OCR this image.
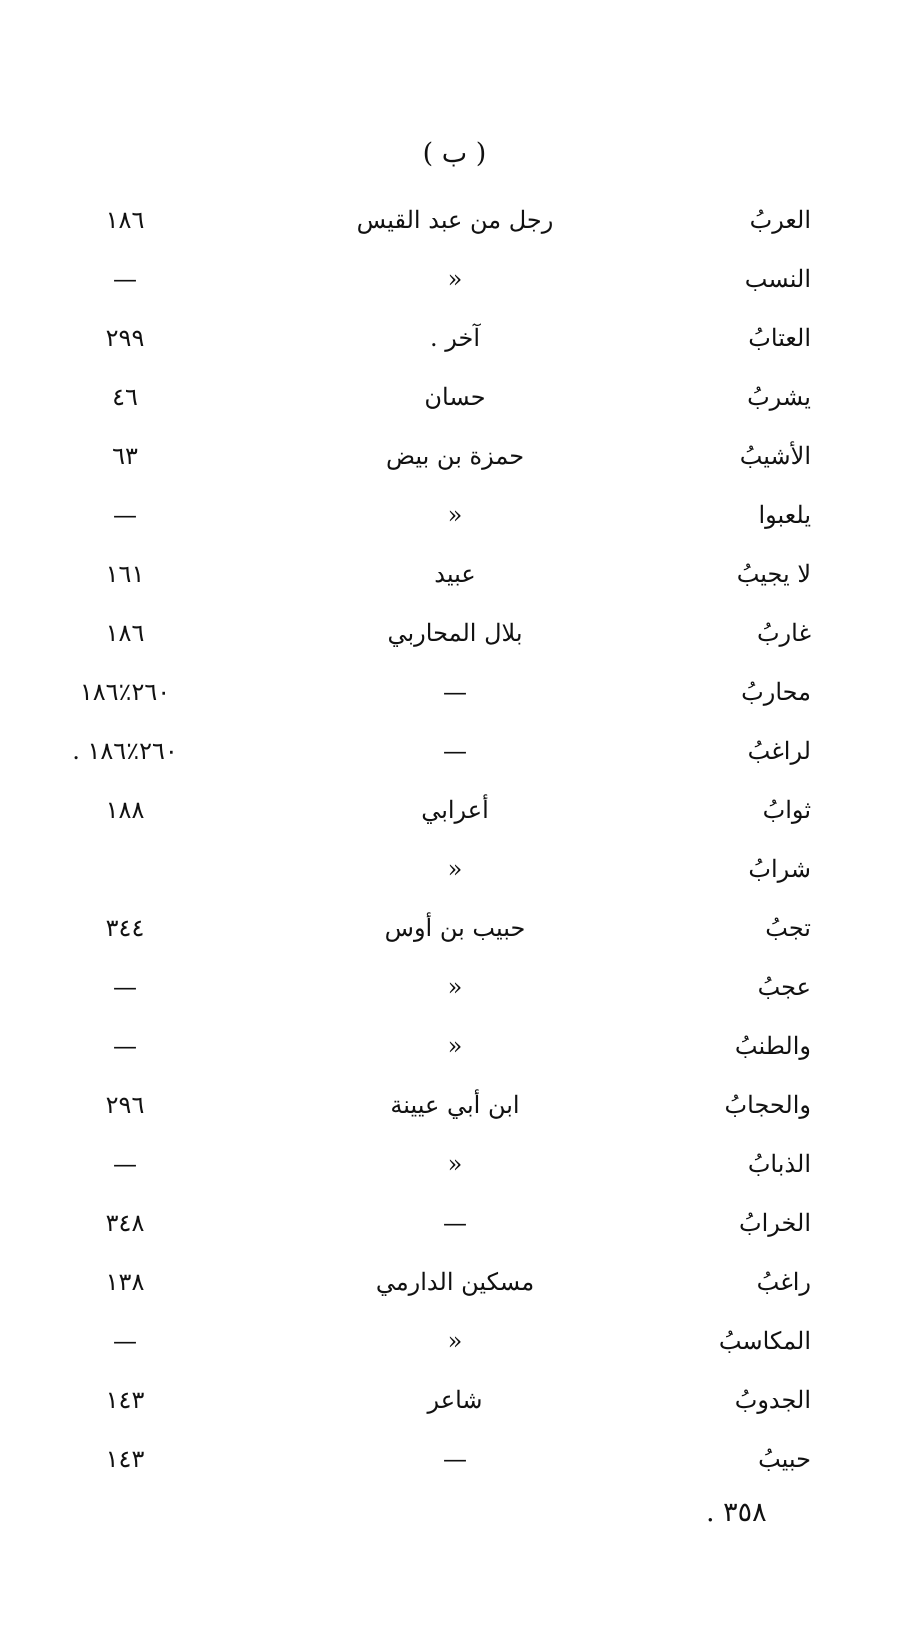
( ب )
العربُ
رجل من عبد القيس
١٨٦
النسب
«
—
العتابُ
آخر .
٢٩٩
يشربُ
حسان
٤٦
الأشيبُ
حمزة بن بيض
٦٣
يلعبوا
«
—
لا يجيبُ
عبيد
١٦١
غاربُ
بلال المحاربي
١٨٦
محاربُ
—
٢٦٠٪١٨٦
لراغبُ
—
٢٦٠٪١٨٦ .
ثوابُ
أعرابي
١٨٨
شرابُ
«
تجبُ
حبيب بن أوس
٣٤٤
عجبُ
«
—
والطنبُ
«
—
والحجابُ
ابن أبي عيينة
٢٩٦
الذبابُ
«
—
الخرابُ
—
٣٤٨
راغبُ
مسكين الدارمي
١٣٨
المكاسبُ
«
—
الجدوبُ
شاعر
١٤٣
حبيبُ
—
١٤٣
٣٥٨ .
